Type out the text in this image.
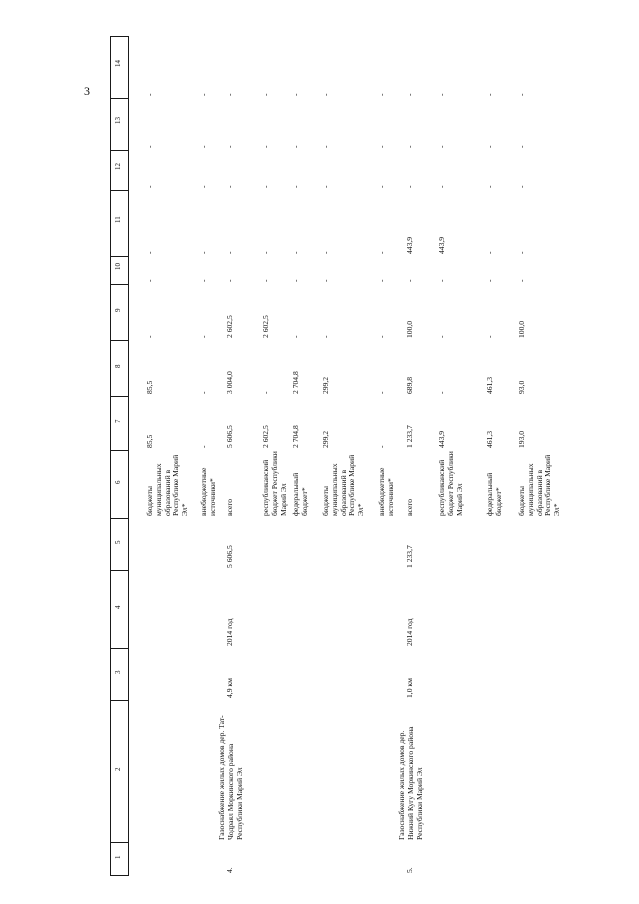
3
1
2
3
4
5
6
7
8
9
10
11
12
13
14
бюджеты муниципальных образований в Республике Марий Эл*
85,5
85,5
-
-
-
-
-
-
внебюджетные источники*
-
-
-
-
-
-
-
-
4.
Газоснабжение жилых домов дер. Тат-Чодраял Моркинского района Республики Марий Эл
4,9 км
2014 год
5 606,5
всего
5 606,5
3 004,0
2 602,5
-
-
-
-
-
республиканский бюджет Республики Марий Эл
2 602,5
-
2 602,5
-
-
-
-
-
федеральный бюджет*
2 704,8
2 704,8
-
-
-
-
-
-
бюджеты муниципальных образований в Республике Марий Эл*
299,2
299,2
-
-
-
-
-
-
внебюджетные источники*
-
-
-
-
-
-
-
-
5.
Газоснабжение жилых домов дер. Нижний Кугу Моркинского района Республики Марий Эл
1,0 км
2014 год
1 233,7
всего
1 233,7
689,8
100,0
-
443,9
-
-
-
республиканский бюджет Республики Марий Эл
443,9
-
-
-
443,9
-
-
-
федеральный бюджет*
461,3
461,3
-
-
-
-
-
-
бюджеты муниципальных образований в Республике Марий Эл*
193,0
93,0
100,0
-
-
-
-
-
